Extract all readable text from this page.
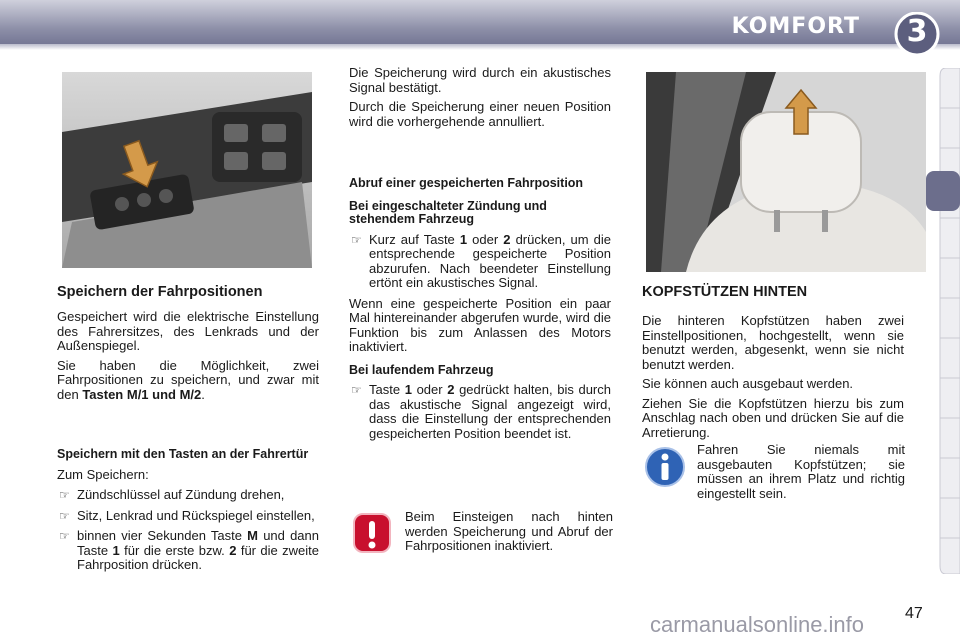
KOMFORT	3

Speichern der Fahrpositionen

Gespeichert wird die elektrische Einstellung des Fahrersitzes, des Lenkrads und der Außenspiegel.

Sie haben die Möglichkeit, zwei Fahrpositionen zu speichern, und zwar mit den Tasten M/1 und M/2.

Speichern mit den Tasten an der Fahrertür

Zum Speichern:

☞ Zündschlüssel auf Zündung drehen,
☞ Sitz, Lenkrad und Rückspiegel einstellen,
☞ binnen vier Sekunden Taste M und dann Taste 1 für die erste bzw. 2 für die zweite Fahrposition drücken.

Die Speicherung wird durch ein akustisches Signal bestätigt.

Durch die Speicherung einer neuen Position wird die vorhergehende annulliert.

Abruf einer gespeicherten Fahrposition

Bei eingeschalteter Zündung und stehendem Fahrzeug

☞ Kurz auf Taste 1 oder 2 drücken, um die entsprechende gespeicherte Position abzurufen. Nach beendeter Einstellung ertönt ein akustisches Signal.

Wenn eine gespeicherte Position ein paar Mal hintereinander abgerufen wurde, wird die Funktion bis zum Anlassen des Motors inaktiviert.

Bei laufendem Fahrzeug

☞ Taste 1 oder 2 gedrückt halten, bis durch das akustische Signal angezeigt wird, dass die Einstellung der entsprechenden gespeicherten Position beendet ist.

Beim Einsteigen nach hinten werden Speicherung und Abruf der Fahrpositionen inaktiviert.

KOPFSTÜTZEN HINTEN

Die hinteren Kopfstützen haben zwei Einstellpositionen, hochgestellt, wenn sie benutzt werden, abgesenkt, wenn sie nicht benutzt werden.

Sie können auch ausgebaut werden.

Ziehen Sie die Kopfstützen hierzu bis zum Anschlag nach oben und drücken Sie auf die Arretierung.

Fahren Sie niemals mit ausgebauten Kopfstützen; sie müssen an ihrem Platz und richtig eingestellt sein.

carmanualsonline.info	47
